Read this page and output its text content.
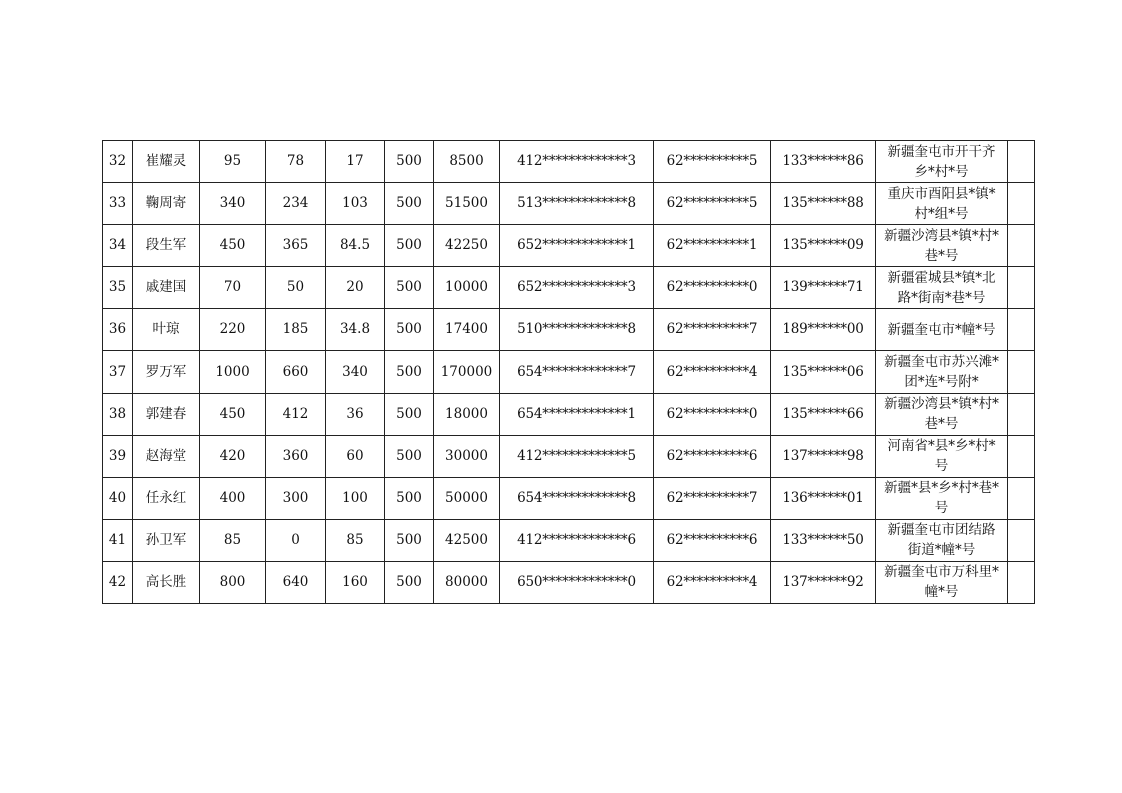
32	崔耀灵	95	78	17	500	8500	412*************3	62**********5	133******86	新疆奎屯市开干齐乡*村*号	
33	鞠周寄	340	234	103	500	51500	513*************8	62**********5	135******88	重庆市酉阳县*镇*村*组*号	
34	段生军	450	365	84.5	500	42250	652*************1	62**********1	135******09	新疆沙湾县*镇*村*巷*号	
35	戚建国	70	50	20	500	10000	652*************3	62**********0	139******71	新疆霍城县*镇*北路*街南*巷*号	
36	叶琼	220	185	34.8	500	17400	510*************8	62**********7	189******00	新疆奎屯市*幢*号	
37	罗万军	1000	660	340	500	170000	654*************7	62**********4	135******06	新疆奎屯市苏兴滩*团*连*号附*	
38	郭建春	450	412	36	500	18000	654*************1	62**********0	135******66	新疆沙湾县*镇*村*巷*号	
39	赵海堂	420	360	60	500	30000	412*************5	62**********6	137******98	河南省*县*乡*村*号	
40	任永红	400	300	100	500	50000	654*************8	62**********7	136******01	新疆*县*乡*村*巷*号	
41	孙卫军	85	0	85	500	42500	412*************6	62**********6	133******50	新疆奎屯市团结路街道*幢*号	
42	高长胜	800	640	160	500	80000	650*************0	62**********4	137******92	新疆奎屯市万科里*幢*号	
